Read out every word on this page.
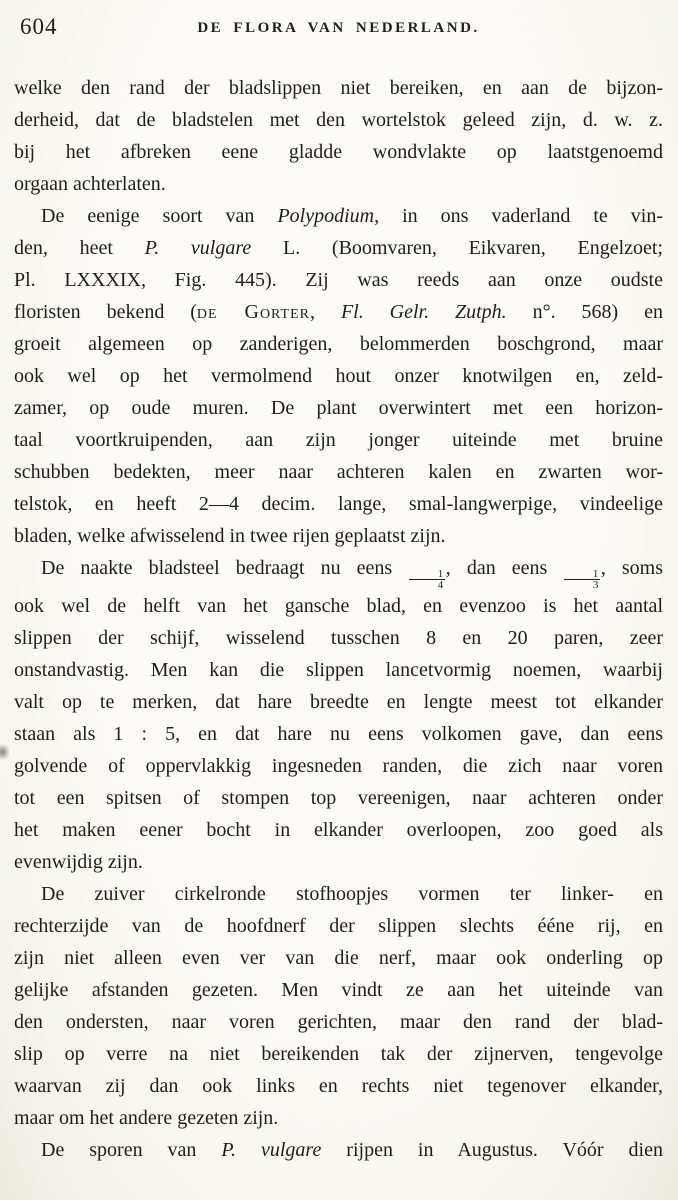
604	DE FLORA VAN NEDERLAND.
welke den rand der bladslippen niet bereiken, en aan de bijzon-
derheid, dat de bladstelen met den wortelstok geleed zijn, d. w. z.
bij het afbreken eene gladde wondvlakte op laatstgenoemd
orgaan achterlaten.
De eenige soort van Polypodium, in ons vaderland te vin-
den, heet P. vulgare L. (Boomvaren, Eikvaren, Engelzoet;
Pl. LXXXIX, Fig. 445). Zij was reeds aan onze oudste
floristen bekend (de Gorter, Fl. Gelr. Zutph. n°. 568) en
groeit algemeen op zanderigen, belommerden boschgrond, maar
ook wel op het vermolmend hout onzer knotwilgen en, zeld-
zamer, op oude muren. De plant overwintert met een horizon-
taal voortkruipenden, aan zijn jonger uiteinde met bruine
schubben bedekten, meer naar achteren kalen en zwarten wor-
telstok, en heeft 2—4 decim. lange, smal-langwerpige, vindeelige
bladen, welke afwisselend in twee rijen geplaatst zijn.
De naakte bladsteel bedraagt nu eens
$\frac{1}{4}$
, dan eens
$\frac{1}{3}$
, soms
ook wel de helft van het gansche blad, en evenzoo is het aantal
slippen der schijf, wisselend tusschen 8 en 20 paren, zeer
onstandvastig. Men kan die slippen lancetvormig noemen, waarbij
valt op te merken, dat hare breedte en lengte meest tot elkander
staan als 1 : 5, en dat hare nu eens volkomen gave, dan eens
golvende of oppervlakkig ingesneden randen, die zich naar voren
tot een spitsen of stompen top vereenigen, naar achteren onder
het maken eener bocht in elkander overloopen, zoo goed als
evenwijdig zijn.
De zuiver cirkelronde stofhoopjes vormen ter linker- en
rechterzijde van de hoofdnerf der slippen slechts ééne rij, en
zijn niet alleen even ver van die nerf, maar ook onderling op
gelijke afstanden gezeten. Men vindt ze aan het uiteinde van
den ondersten, naar voren gerichten, maar den rand der blad-
slip op verre na niet bereikenden tak der zijnerven, tengevolge
waarvan zij dan ook links en rechts niet tegenover elkander,
maar om het andere gezeten zijn.
De sporen van P. vulgare rijpen in Augustus. Vóór dien
